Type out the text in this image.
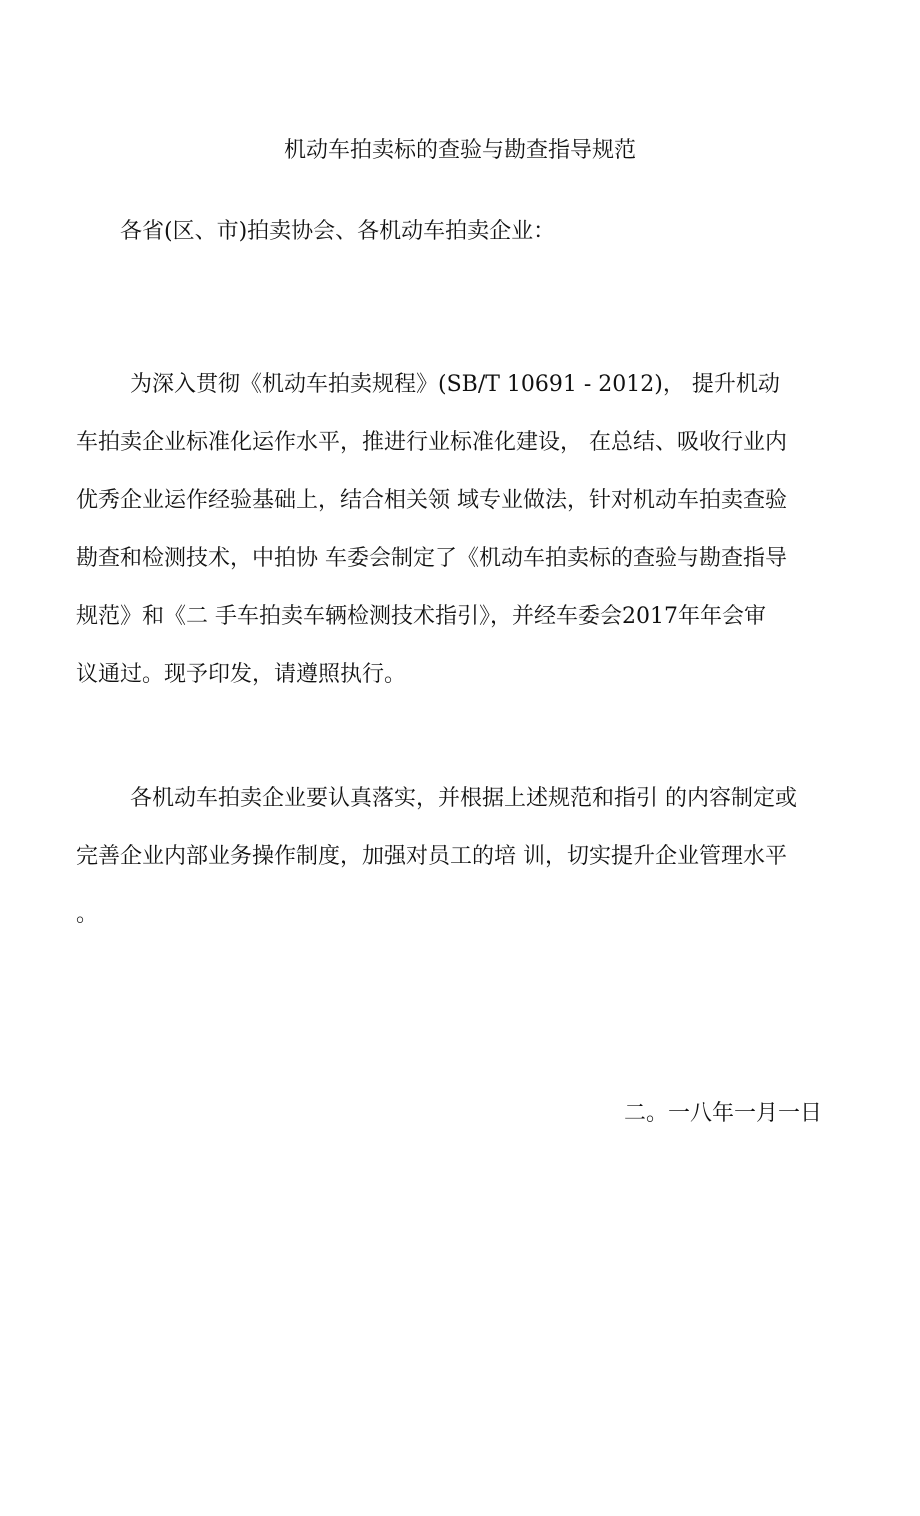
机动车拍卖标的查验与勘查指导规范
各省(区、市)拍卖协会、各机动车拍卖企业：
为深入贯彻《机动车拍卖规程》(SB/T 10691 - 2012)， 提升机动
车拍卖企业标准化运作水平，推进行业标准化建设， 在总结、吸收行业内
优秀企业运作经验基础上，结合相关领 域专业做法，针对机动车拍卖查验
勘查和检测技术，中拍协 车委会制定了《机动车拍卖标的查验与勘查指导
规范》和《二 手车拍卖车辆检测技术指引》，并经车委会2017年年会审
议通过。现予印发，请遵照执行。
各机动车拍卖企业要认真落实，并根据上述规范和指引 的内容制定或
完善企业内部业务操作制度，加强对员工的培 训，切实提升企业管理水平
。
二。一八年一月一日
